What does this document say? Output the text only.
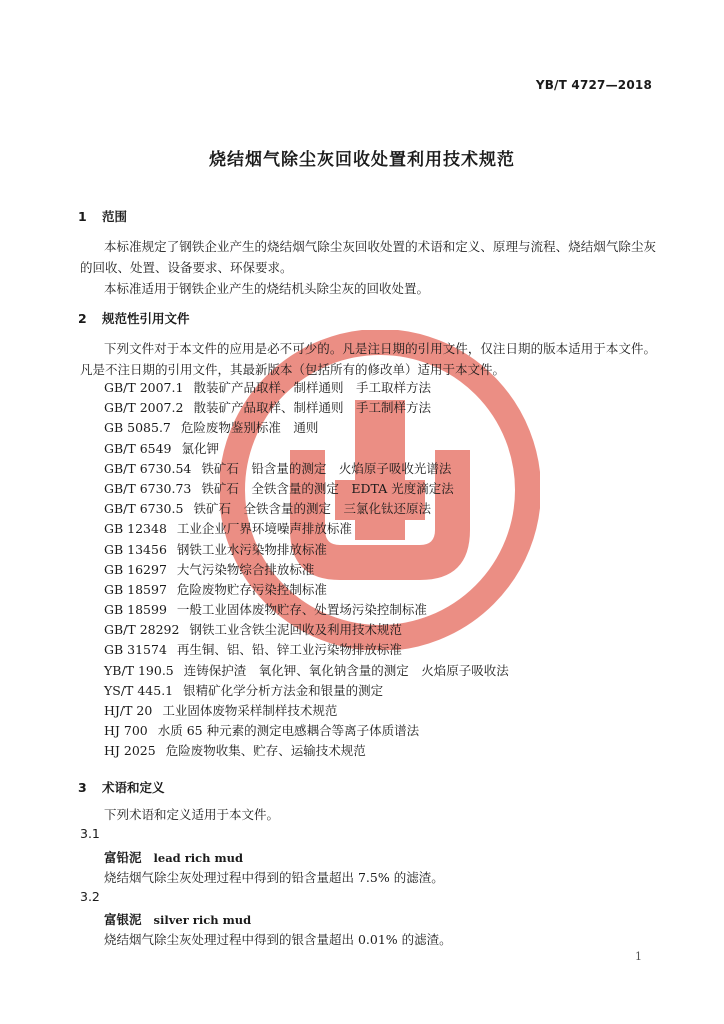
YB/T 4727—2018
烧结烟气除尘灰回收处置利用技术规范
1 范围
本标准规定了钢铁企业产生的烧结烟气除尘灰回收处置的术语和定义、原理与流程、烧结烟气除尘灰的回收、处置、设备要求、环保要求。
本标准适用于钢铁企业产生的烧结机头除尘灰的回收处置。
2 规范性引用文件
下列文件对于本文件的应用是必不可少的。凡是注日期的引用文件，仅注日期的版本适用于本文件。凡是不注日期的引用文件，其最新版本（包括所有的修改单）适用于本文件。
GB/T 2007.1 散装矿产品取样、制样通则　手工取样方法
GB/T 2007.2 散装矿产品取样、制样通则　手工制样方法
GB 5085.7 危险废物鉴别标准　通则
GB/T 6549 氯化钾
GB/T 6730.54 铁矿石　铅含量的测定　火焰原子吸收光谱法
GB/T 6730.73 铁矿石　全铁含量的测定　EDTA 光度滴定法
GB/T 6730.5 铁矿石　全铁含量的测定　三氯化钛还原法
GB 12348 工业企业厂界环境噪声排放标准
GB 13456 钢铁工业水污染物排放标准
GB 16297 大气污染物综合排放标准
GB 18597 危险废物贮存污染控制标准
GB 18599 一般工业固体废物贮存、处置场污染控制标准
GB/T 28292 钢铁工业含铁尘泥回收及利用技术规范
GB 31574 再生铜、铝、铅、锌工业污染物排放标准
YB/T 190.5 连铸保护渣　氧化钾、氧化钠含量的测定　火焰原子吸收法
YS/T 445.1 银精矿化学分析方法金和银量的测定
HJ/T 20 工业固体废物采样制样技术规范
HJ 700 水质 65 种元素的测定电感耦合等离子体质谱法
HJ 2025 危险废物收集、贮存、运输技术规范
3 术语和定义
下列术语和定义适用于本文件。
3.1
富铅泥 lead rich mud
烧结烟气除尘灰处理过程中得到的铅含量超出 7.5% 的滤渣。
3.2
富银泥 silver rich mud
烧结烟气除尘灰处理过程中得到的银含量超出 0.01% 的滤渣。
1
